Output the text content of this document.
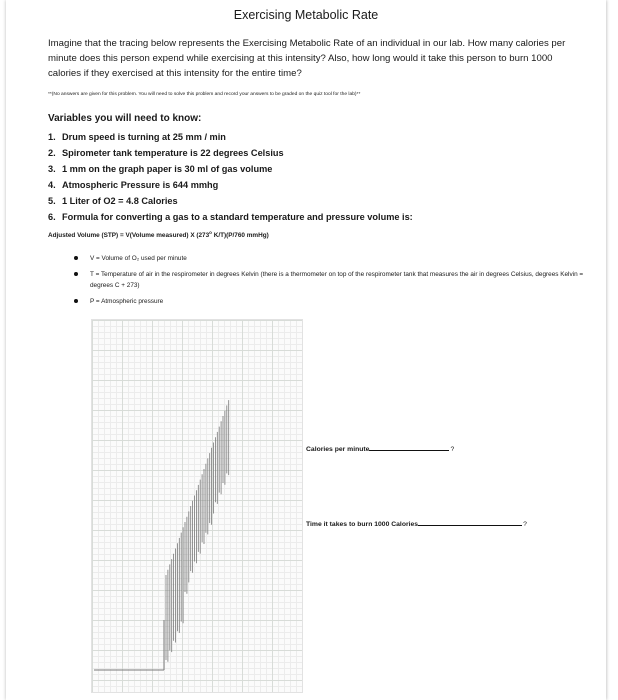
Exercising Metabolic Rate
Imagine that the tracing below represents the Exercising Metabolic Rate of an individual in our lab. How many calories per minute does this person expend while exercising at this intensity? Also, how long would it take this person to burn 1000 calories if they exercised at this intensity for the entire time?
**(No answers are given for this problem. You will need to solve this problem and record your answers to be graded on the quiz tool for the lab)**
Variables you will need to know:
1. Drum speed is turning at 25 mm / min
2. Spirometer tank temperature is 22 degrees Celsius
3. 1 mm on the graph paper is 30 ml of gas volume
4. Atmospheric Pressure is 644 mmhg
5. 1 Liter of O2 = 4.8 Calories
6. Formula for converting a gas to a standard temperature and pressure volume is:
Adjusted Volume (STP) = V(Volume measured) X (273$^o$ K/T)(P/760 mmHg)
V = Volume of O₂ used per minute
T = Temperature of air in the respirometer in degrees Kelvin (there is a thermometer on top of the respirometer tank that measures the air in degrees Celsius, degrees Kelvin = degrees C + 273)
P = Atmospheric pressure
Calories per minute	?
Time it takes to burn 1000 Calories	?
